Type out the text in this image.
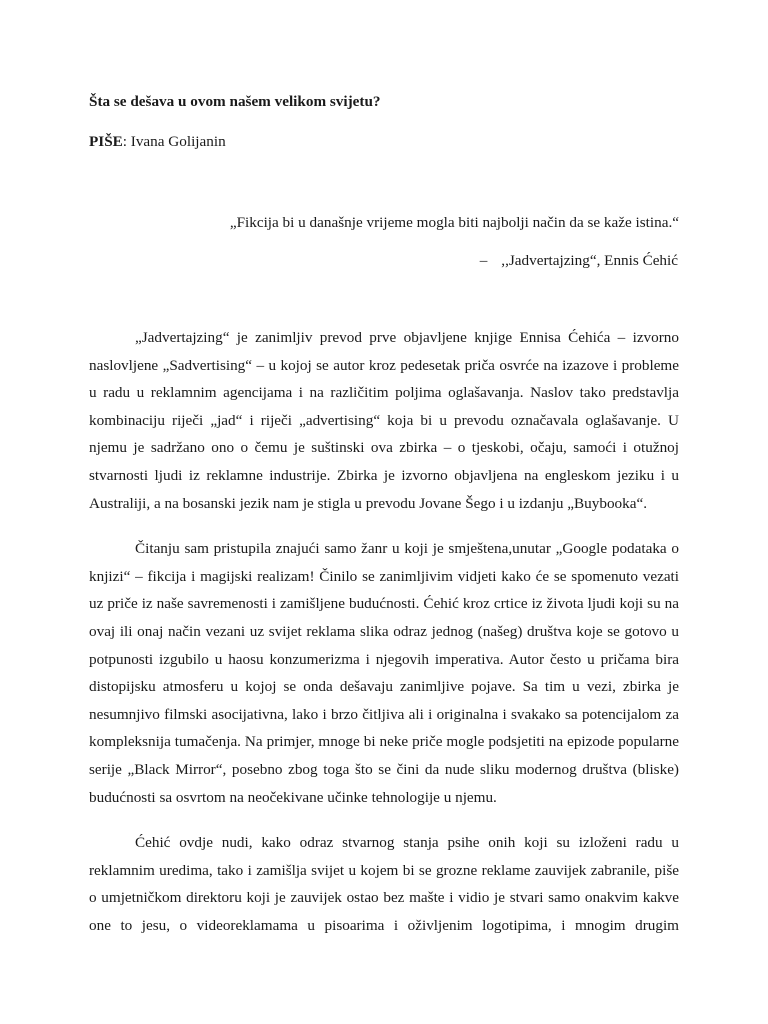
Šta se dešava u ovom našem velikom svijetu?
PIŠE: Ivana Golijanin
„Fikcija bi u današnje vrijeme mogla biti najbolji način da se kaže istina.“
– ,,Jadvertajzing“, Ennis Ćehić

„Jadvertajzing“ je zanimljiv prevod prve objavljene knjige Ennisa Ćehića – izvorno naslovljene „Sadvertising“ – u kojoj se autor kroz pedesetak priča osvrće na izazove i probleme u radu u reklamnim agencijama i na različitim poljima oglašavanja. Naslov tako predstavlja kombinaciju riječi „jad“ i riječi „advertising“ koja bi u prevodu označavala oglašavanje. U njemu je sadržano ono o čemu je suštinski ova zbirka – o tjeskobi, očaju, samoći i otužnoj stvarnosti ljudi iz reklamne industrije. Zbirka je izvorno objavljena na engleskom jeziku i u Australiji, a na bosanski jezik nam je stigla u prevodu Jovane Šego i u izdanju „Buybooka“.

Čitanju sam pristupila znajući samo žanr u koji je smještena,unutar „Google podataka o knjizi“ – fikcija i magijski realizam! Činilo se zanimljivim vidjeti kako će se spomenuto vezati uz priče iz naše savremenosti i zamišljene budućnosti. Ćehić kroz crtice iz života ljudi koji su na ovaj ili onaj način vezani uz svijet reklama slika odraz jednog (našeg) društva koje se gotovo u potpunosti izgubilo u haosu konzumerizma i njegovih imperativa. Autor često u pričama bira distopijsku atmosferu u kojoj se onda dešavaju zanimljive pojave. Sa tim u vezi, zbirka je nesumnjivo filmski asocijativna, lako i brzo čitljiva ali i originalna i svakako sa potencijalom za kompleksnija tumačenja. Na primjer, mnoge bi neke priče mogle podsjetiti na epizode popularne serije „Black Mirror“, posebno zbog toga što se čini da nude sliku modernog društva (bliske) budućnosti sa osvrtom na neočekivane učinke tehnologije u njemu.

Ćehić ovdje nudi, kako odraz stvarnog stanja psihe onih koji su izloženi radu u reklamnim uredima, tako i zamišlja svijet u kojem bi se grozne reklame zauvijek zabranile, piše o umjetničkom direktoru koji je zauvijek ostao bez mašte i vidio je stvari samo onakvim kakve one to jesu, o videoreklamama u pisoarima i oživljenim logotipima, i mnogim drugim
